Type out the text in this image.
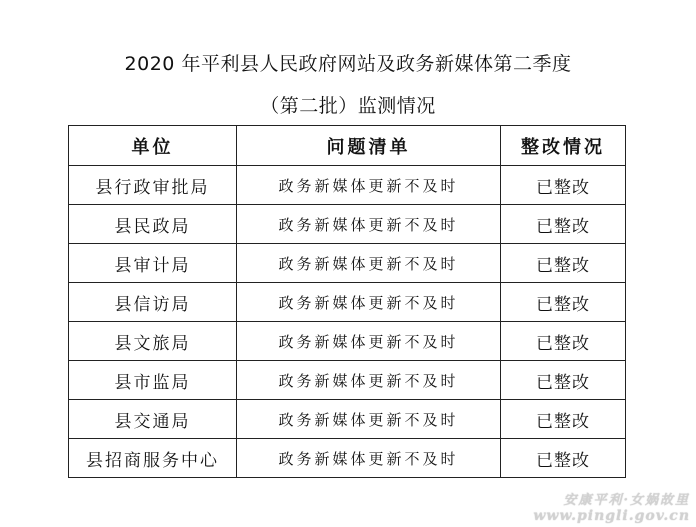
2020 年平利县人民政府网站及政务新媒体第二季度
（第二批）监测情况
单位	问题清单	整改情况
县行政审批局	政务新媒体更新不及时	已整改
县民政局	政务新媒体更新不及时	已整改
县审计局	政务新媒体更新不及时	已整改
县信访局	政务新媒体更新不及时	已整改
县文旅局	政务新媒体更新不及时	已整改
县市监局	政务新媒体更新不及时	已整改
县交通局	政务新媒体更新不及时	已整改
县招商服务中心	政务新媒体更新不及时	已整改
安康平利·女娲故里
www.pingli.gov.cn
